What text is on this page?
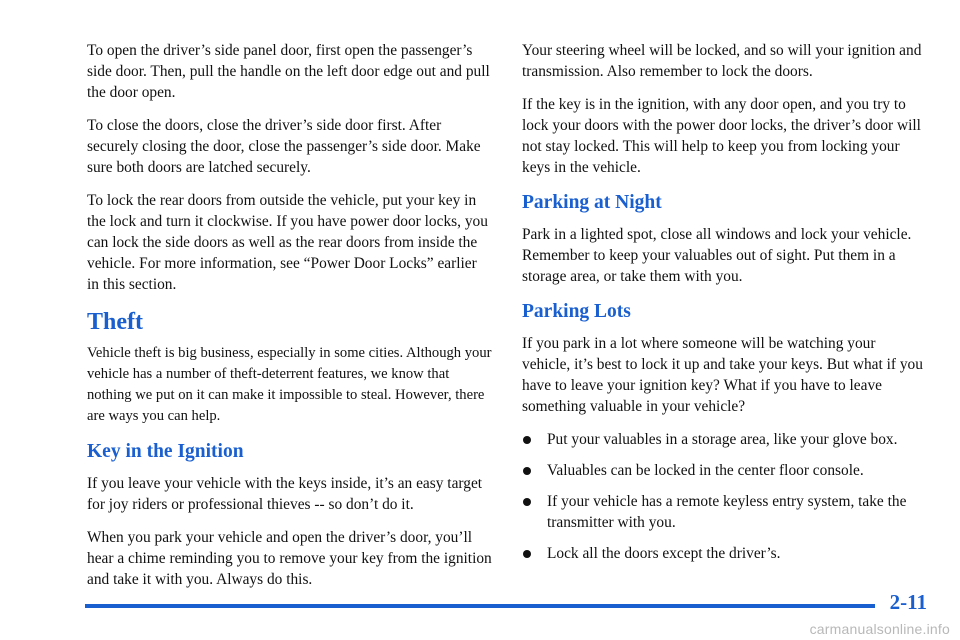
To open the driver’s side panel door, first open the passenger’s side door. Then, pull the handle on the left door edge out and pull the door open.

To close the doors, close the driver’s side door first. After securely closing the door, close the passenger’s side door. Make sure both doors are latched securely.

To lock the rear doors from outside the vehicle, put your key in the lock and turn it clockwise. If you have power door locks, you can lock the side doors as well as the rear doors from inside the vehicle. For more information, see “Power Door Locks” earlier in this section.

Theft

Vehicle theft is big business, especially in some cities. Although your vehicle has a number of theft-deterrent features, we know that nothing we put on it can make it impossible to steal. However, there are ways you can help.

Key in the Ignition

If you leave your vehicle with the keys inside, it’s an easy target for joy riders or professional thieves -- so don’t do it.

When you park your vehicle and open the driver’s door, you’ll hear a chime reminding you to remove your key from the ignition and take it with you. Always do this.

Your steering wheel will be locked, and so will your ignition and transmission. Also remember to lock the doors.

If the key is in the ignition, with any door open, and you try to lock your doors with the power door locks, the driver’s door will not stay locked. This will help to keep you from locking your keys in the vehicle.

Parking at Night

Park in a lighted spot, close all windows and lock your vehicle. Remember to keep your valuables out of sight. Put them in a storage area, or take them with you.

Parking Lots

If you park in a lot where someone will be watching your vehicle, it’s best to lock it up and take your keys. But what if you have to leave your ignition key? What if you have to leave something valuable in your vehicle?

Put your valuables in a storage area, like your glove box.
Valuables can be locked in the center floor console.
If your vehicle has a remote keyless entry system, take the transmitter with you.
Lock all the doors except the driver’s.
2-11
carmanualsonline.info
